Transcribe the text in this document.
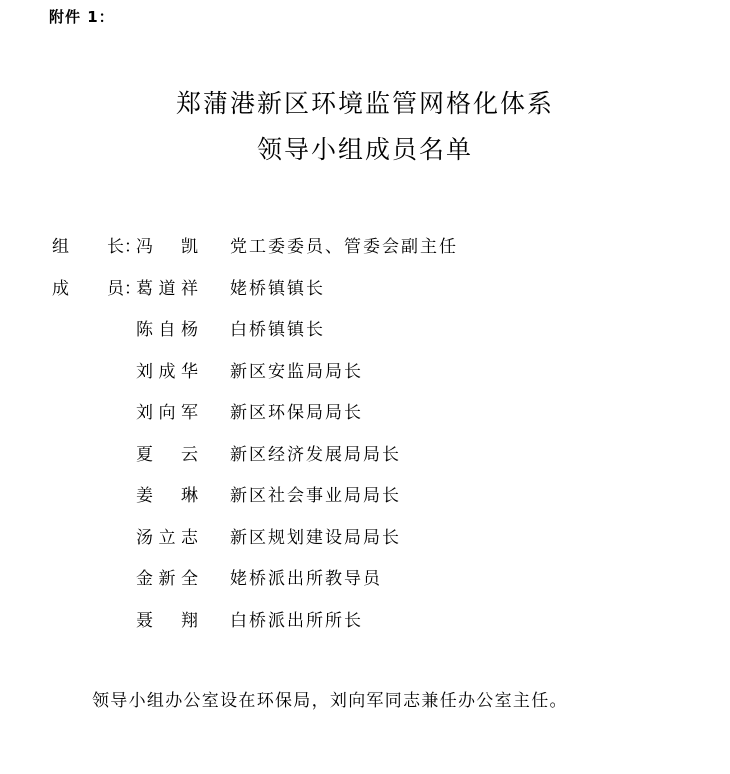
附件 1：
郑蒲港新区环境监管网格化体系
领导小组成员名单
组 长 ：
冯 凯 党工委委员、管委会副主任
成 员 ：
葛 道 祥 姥桥镇镇长
陈 自 杨 白桥镇镇长
刘 成 华 新区安监局局长
刘 向 军 新区环保局局长
夏 云 新区经济发展局局长
姜 琳 新区社会事业局局长
汤 立 志 新区规划建设局局长
金 新 全 姥桥派出所教导员
聂 翔 白桥派出所所长
领导小组办公室设在环保局，刘向军同志兼任办公室主任。
